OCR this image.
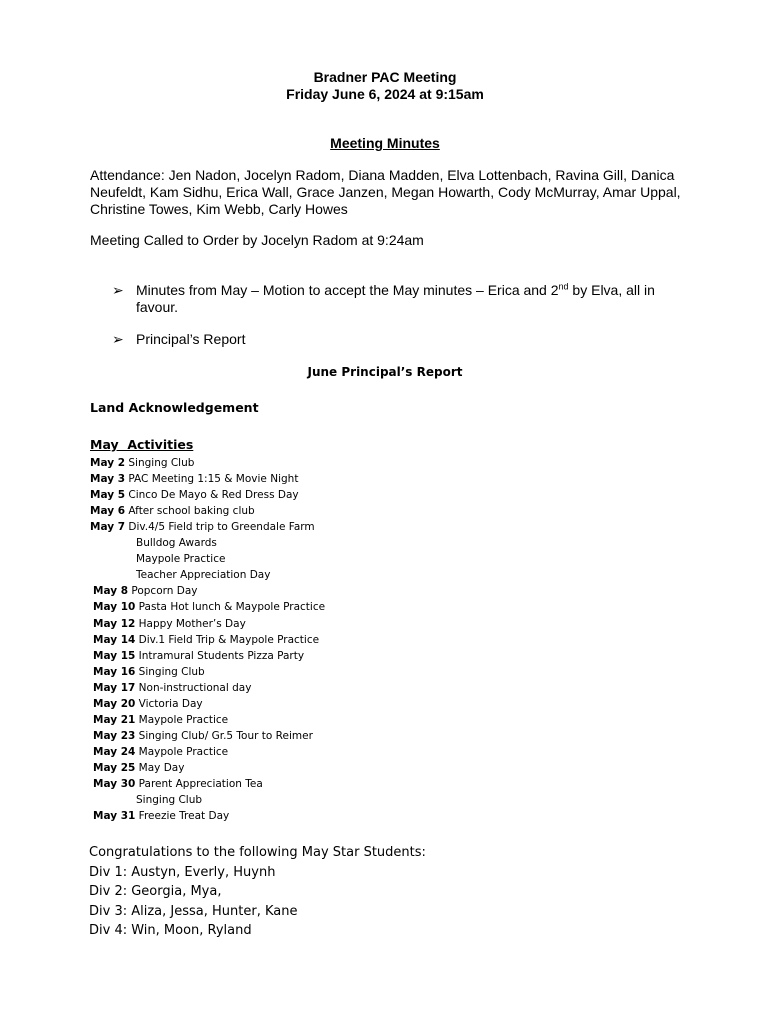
Bradner PAC Meeting
Friday June 6, 2024 at 9:15am
Meeting Minutes
Attendance: Jen Nadon, Jocelyn Radom, Diana Madden, Elva Lottenbach, Ravina Gill, Danica Neufeldt, Kam Sidhu, Erica Wall, Grace Janzen, Megan Howarth, Cody McMurray, Amar Uppal, Christine Towes, Kim Webb, Carly Howes
Meeting Called to Order by Jocelyn Radom at 9:24am
➢ Minutes from May – Motion to accept the May minutes – Erica and 2nd by Elva, all in favour.
➢ Principal’s Report
June Principal’s Report
Land Acknowledgement
May  Activities
May 2 Singing Club
May 3 PAC Meeting 1:15 & Movie Night
May 5 Cinco De Mayo & Red Dress Day
May 6 After school baking club
May 7 Div.4/5 Field trip to Greendale Farm
Bulldog Awards
Maypole Practice
Teacher Appreciation Day
May 8 Popcorn Day
May 10 Pasta Hot lunch & Maypole Practice
May 12 Happy Mother’s Day
May 14 Div.1 Field Trip & Maypole Practice
May 15 Intramural Students Pizza Party
May 16 Singing Club
May 17 Non-instructional day
May 20 Victoria Day
May 21 Maypole Practice
May 23 Singing Club/ Gr.5 Tour to Reimer
May 24 Maypole Practice
May 25 May Day
May 30 Parent Appreciation Tea
Singing Club
May 31 Freezie Treat Day
Congratulations to the following May Star Students:
Div 1: Austyn, Everly, Huynh
Div 2: Georgia, Mya,
Div 3: Aliza, Jessa, Hunter, Kane
Div 4: Win, Moon, Ryland
